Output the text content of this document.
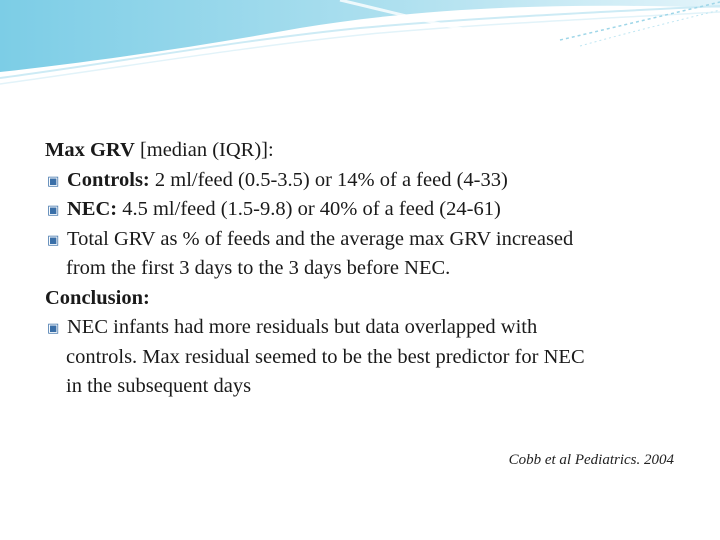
Max GRV [median (IQR)]:
▣ Controls: 2 ml/feed (0.5-3.5) or 14% of a feed (4-33)
▣ NEC: 4.5 ml/feed (1.5-9.8) or 40% of a feed (24-61)
▣ Total GRV as % of feeds and the average max GRV increased
from the first 3 days to the 3 days before NEC.
Conclusion:
▣ NEC infants had more residuals but data overlapped with
controls. Max residual seemed to be the best predictor for NEC
in the subsequent days
Cobb et al Pediatrics. 2004
